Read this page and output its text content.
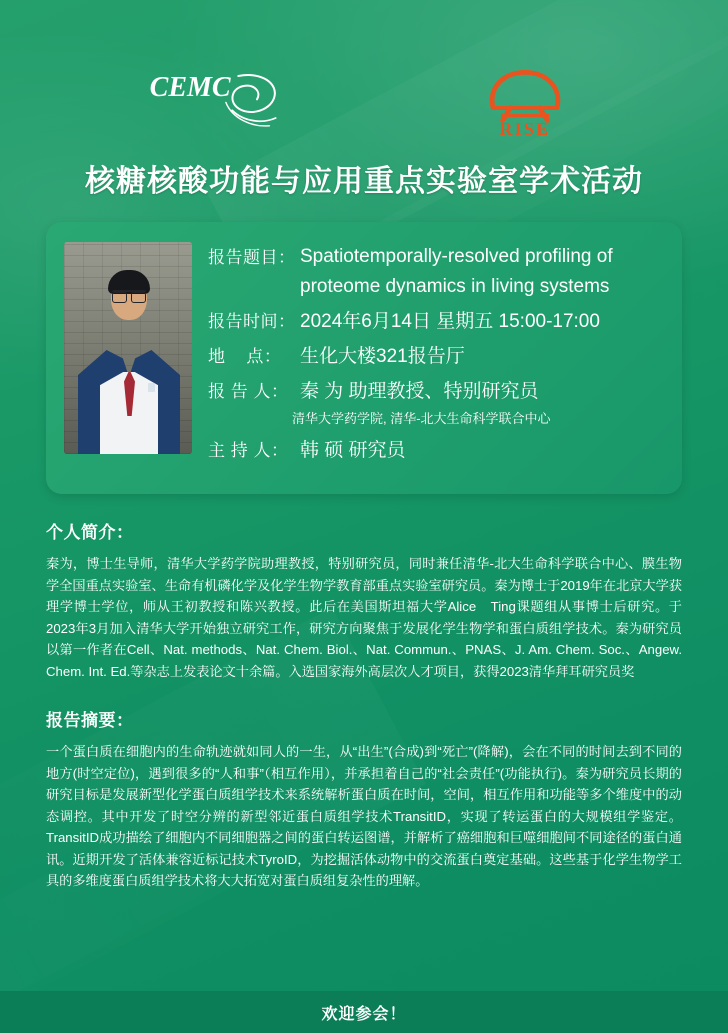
CEMC
RISE
核糖核酸功能与应用重点实验室学术活动
报告题目： Spatiotemporally-resolved profiling of proteome dynamics in living systems
报告时间： 2024年6月14日 星期五 15:00-17:00
地    点： 生化大楼321报告厅
报 告 人： 秦 为 助理教授、特别研究员
清华大学药学院, 清华-北大生命科学联合中心
主 持 人： 韩 硕 研究员
个人简介：
秦为，博士生导师，清华大学药学院助理教授，特别研究员，同时兼任清华-北大生命科学联合中心、膜生物学全国重点实验室、生命有机磷化学及化学生物学教育部重点实验室研究员。秦为博士于2019年在北京大学获理学博士学位，师从王初教授和陈兴教授。此后在美国斯坦福大学Alice　Ting课题组从事博士后研究。于2023年3月加入清华大学开始独立研究工作，研究方向聚焦于发展化学生物学和蛋白质组学技术。秦为研究员以第一作者在Cell、Nat. methods、Nat. Chem. Biol.、Nat. Commun.、PNAS、J. Am. Chem. Soc.、Angew. Chem. Int. Ed.等杂志上发表论文十余篇。入选国家海外高层次人才项目，获得2023清华拜耳研究员奖
报告摘要：
一个蛋白质在细胞内的生命轨迹就如同人的一生，从“出生”(合成)到“死亡”(降解)，会在不同的时间去到不同的地方(时空定位)，遇到很多的“人和事”（相互作用），并承担着自己的“社会责任”(功能执行)。秦为研究员长期的研究目标是发展新型化学蛋白质组学技术来系统解析蛋白质在时间，空间，相互作用和功能等多个维度中的动态调控。其中开发了时空分辨的新型邻近蛋白质组学技术TransitID，实现了转运蛋白的大规模组学鉴定。TransitID成功描绘了细胞内不同细胞器之间的蛋白转运图谱，并解析了癌细胞和巨噬细胞间不同途径的蛋白通讯。近期开发了活体兼容近标记技术TyroID，为挖掘活体动物中的交流蛋白奠定基础。这些基于化学生物学工具的多维度蛋白质组学技术将大大拓宽对蛋白质组复杂性的理解。
欢迎参会！
